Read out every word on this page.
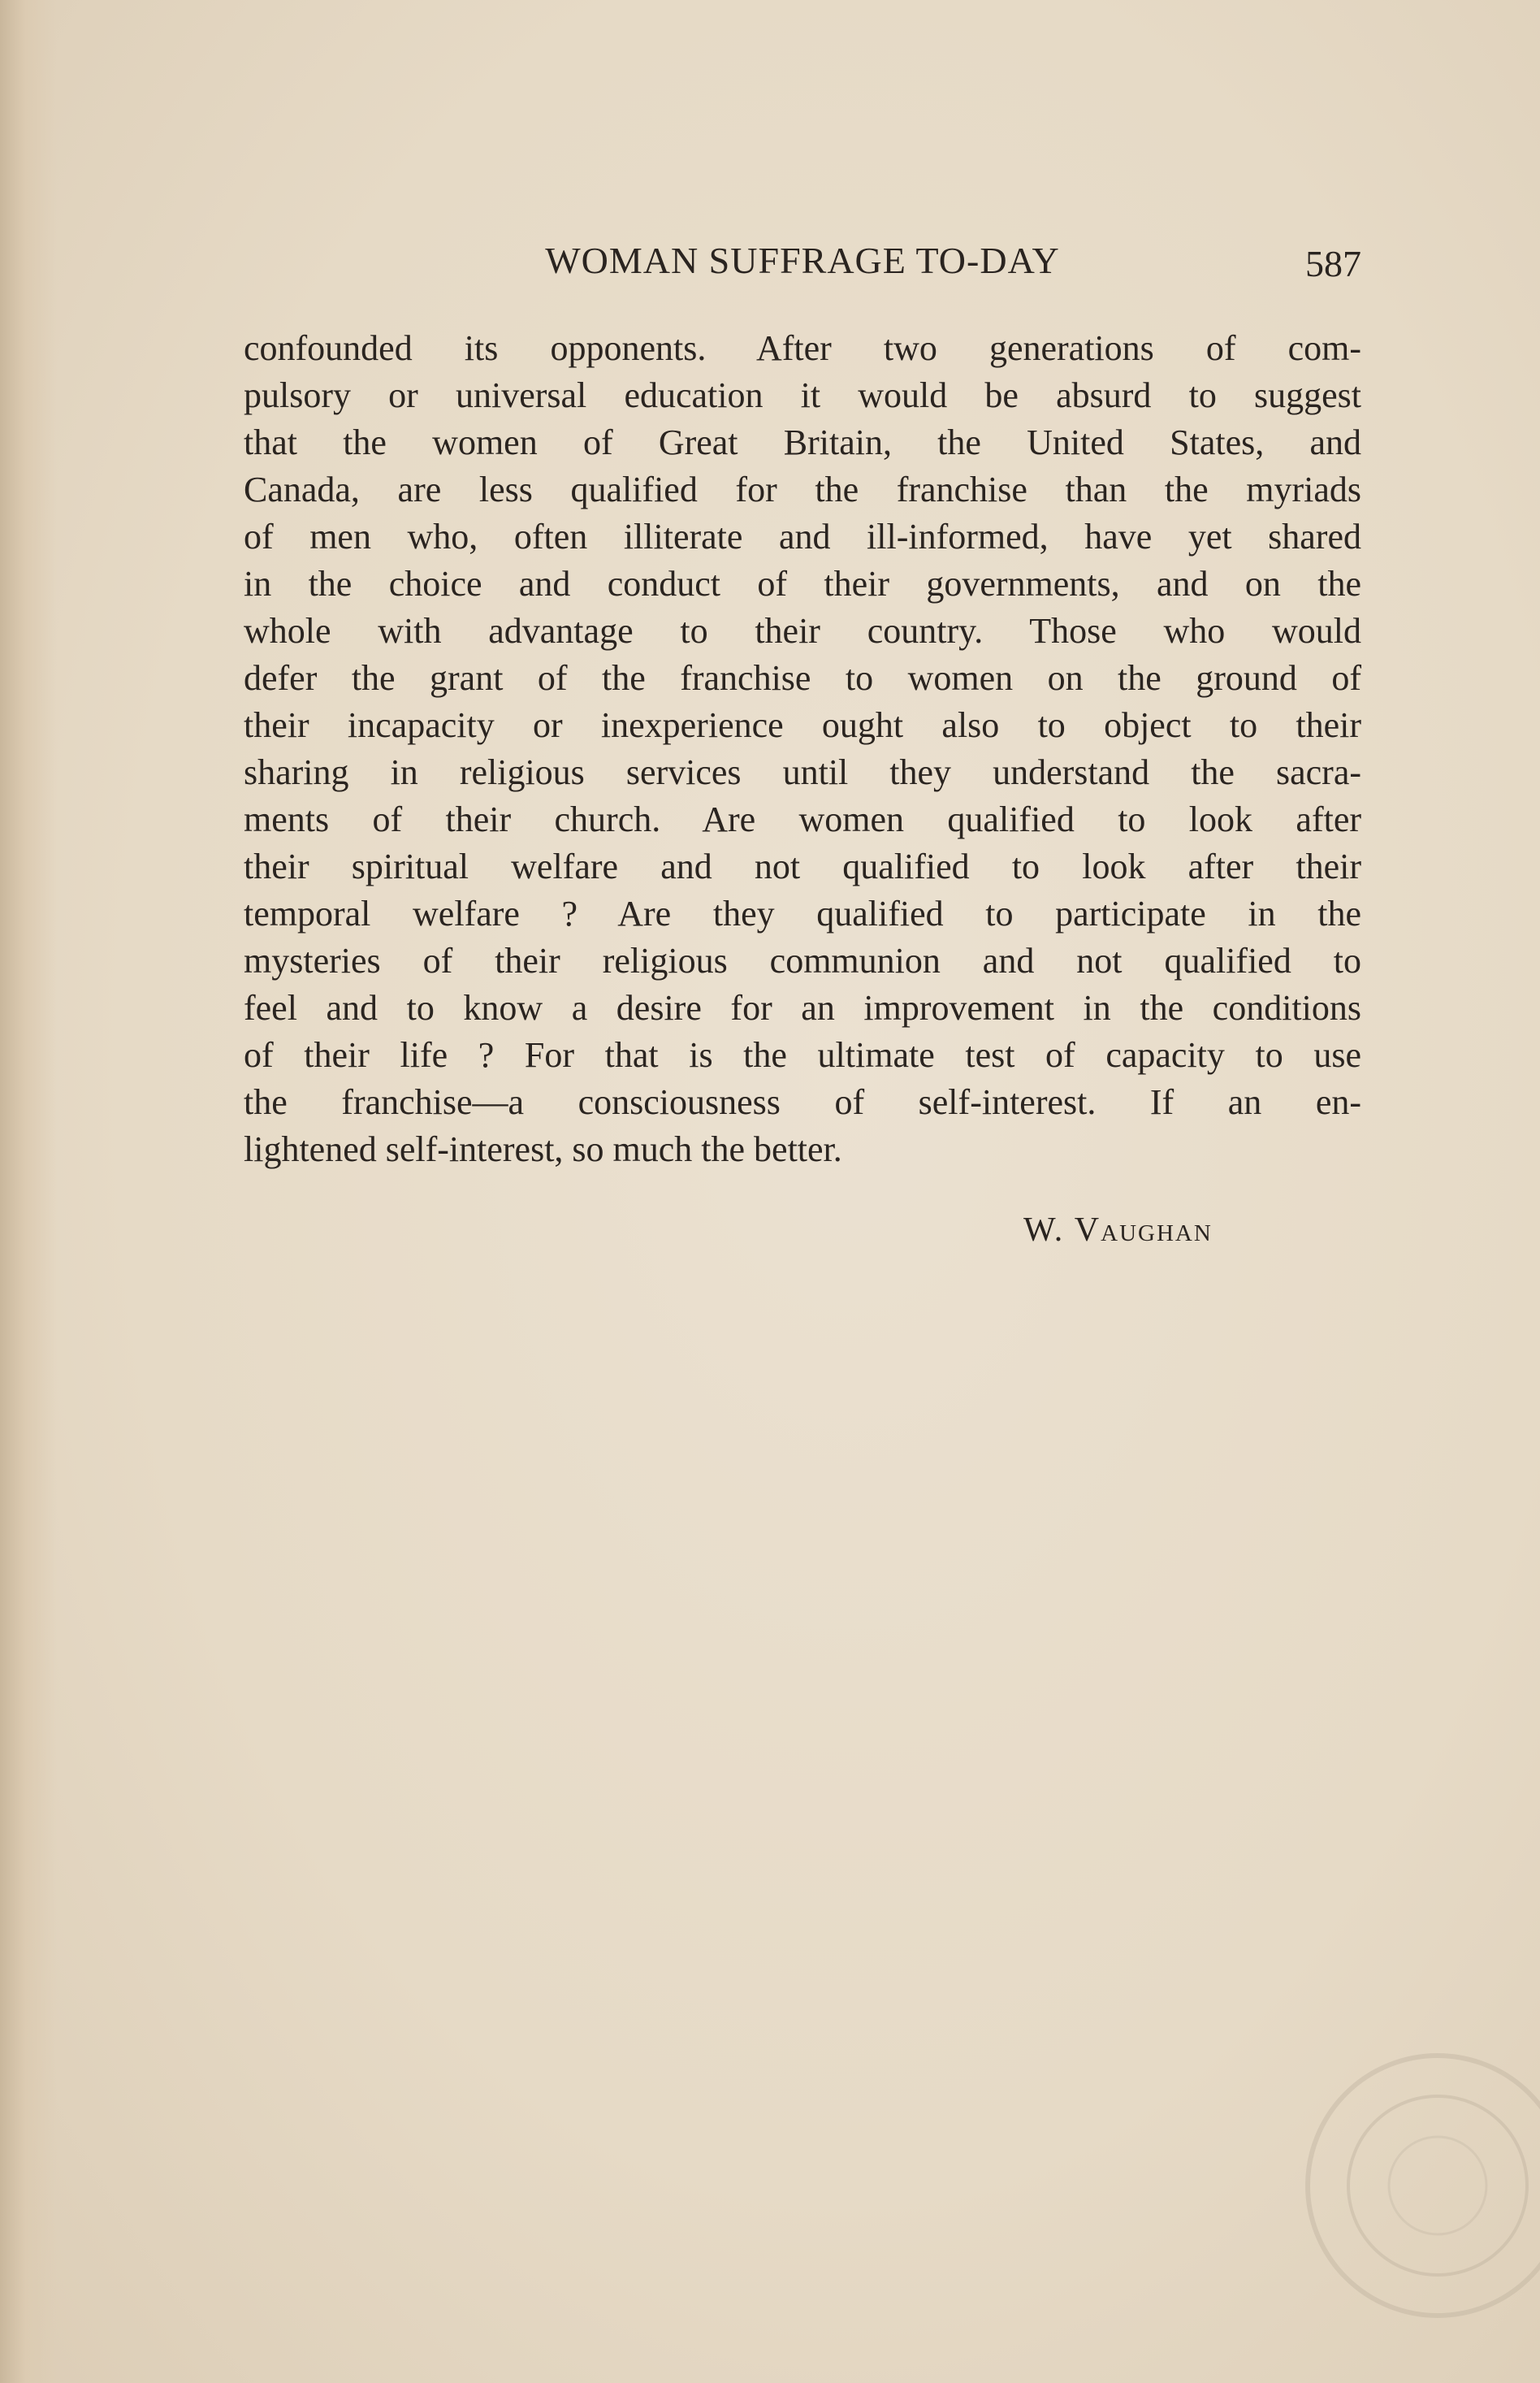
WOMAN SUFFRAGE TO-DAY	587
confounded its opponents. After two generations of com-
pulsory or universal education it would be absurd to suggest
that the women of Great Britain, the United States, and
Canada, are less qualified for the franchise than the myriads
of men who, often illiterate and ill-informed, have yet shared
in the choice and conduct of their governments, and on the
whole with advantage to their country. Those who would
defer the grant of the franchise to women on the ground of
their incapacity or inexperience ought also to object to their
sharing in religious services until they understand the sacra-
ments of their church. Are women qualified to look after
their spiritual welfare and not qualified to look after their
temporal welfare ? Are they qualified to participate in the
mysteries of their religious communion and not qualified to
feel and to know a desire for an improvement in the conditions
of their life ? For that is the ultimate test of capacity to use
the franchise—a consciousness of self-interest. If an en-
lightened self-interest, so much the better.
W. Vaughan
